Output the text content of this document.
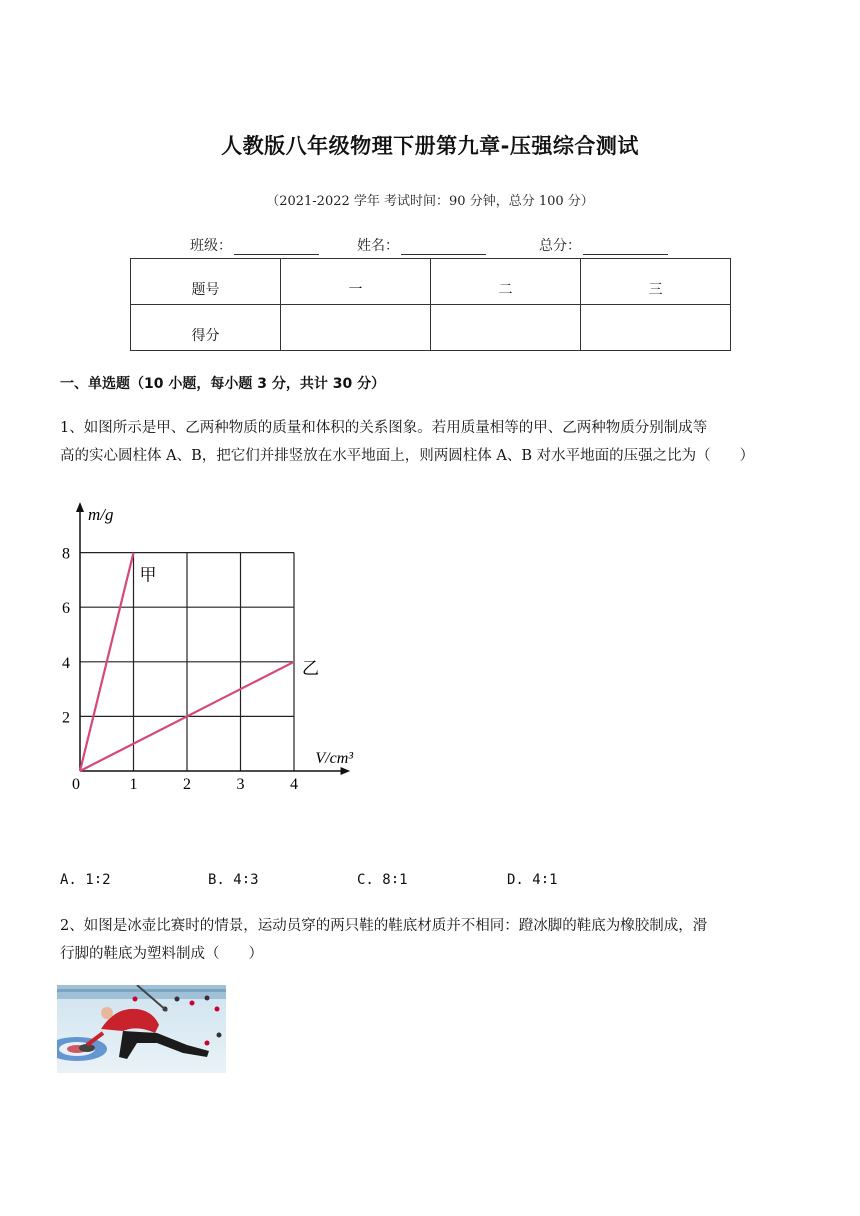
人教版八年级物理下册第九章-压强综合测试
（2021-2022 学年 考试时间：90 分钟，总分 100 分）
班级：	姓名：	总分：
题号	一	二	三
得分			
一、单选题（10 小题，每小题 3 分，共计 30 分）
1、如图所示是甲、乙两种物质的质量和体积的关系图象。若用质量相等的甲、乙两种物质分别制成等
高的实心圆柱体 A、B，把它们并排竖放在水平地面上，则两圆柱体 A、B 对水平地面的压强之比为（　　）
0	1	2	3	4
2
4
6
8
m/g
V/cm³
甲
乙
A. 1∶2	B. 4∶3	C. 8∶1	D. 4∶1
2、如图是冰壶比赛时的情景，运动员穿的两只鞋的鞋底材质并不相同：蹬冰脚的鞋底为橡胶制成，滑
行脚的鞋底为塑料制成（　　）
